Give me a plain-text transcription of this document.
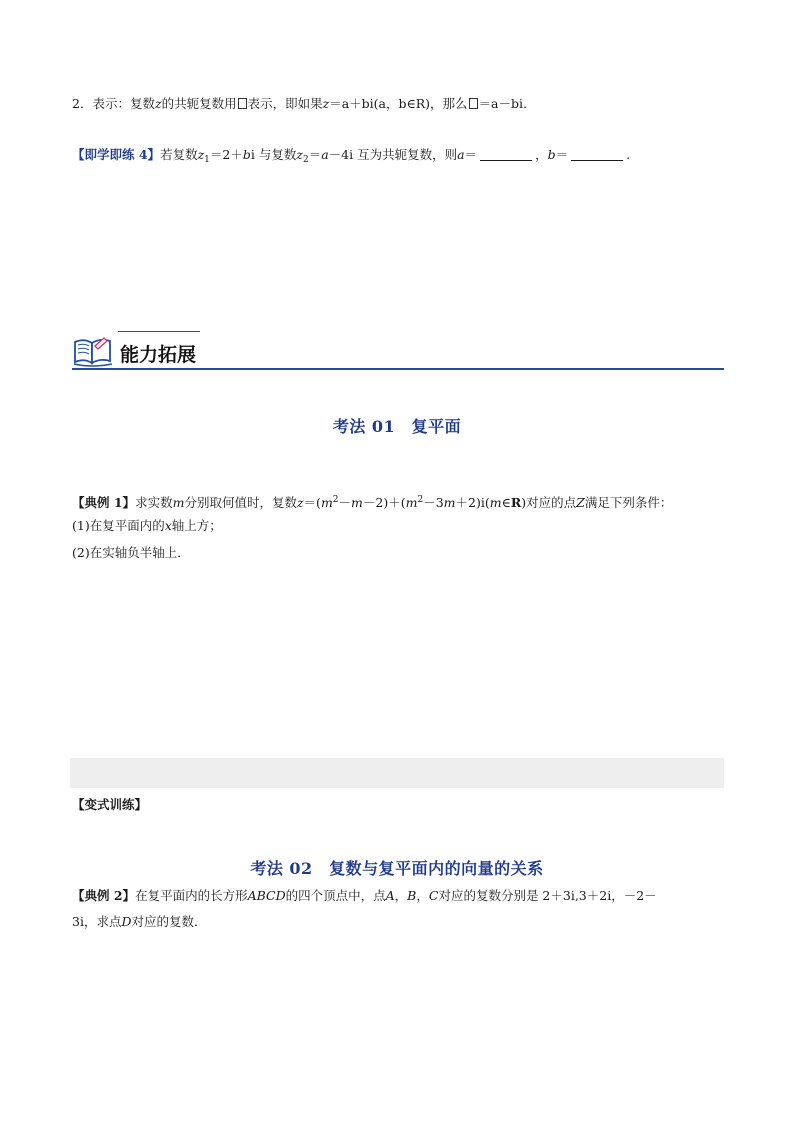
2．表示：复数z的共轭复数用 表示，即如果z＝a＋bi(a，b∈R)，那么 ＝a－bi.
【即学即练 4】若复数$z_1=2+bi$ 与复数$z_2=a-4i$ 互为共轭复数，则a＝	，b＝	.
能力拓展
考法 01　复平面
【典例 1】求实数m分别取何值时，复数$z=(m^2-m-2)+(m^2-3m+2)i(m\in R)$对应的点Z满足下列条件：
(1)在复平面内的x轴上方；
(2)在实轴负半轴上．
【变式训练】
考法 02　复数与复平面内的向量的关系
【典例 2】在复平面内的长方形ABCD的四个顶点中，点A，B，C对应的复数分别是 2＋3i,3＋2i，－2－
3i，求点D对应的复数．
